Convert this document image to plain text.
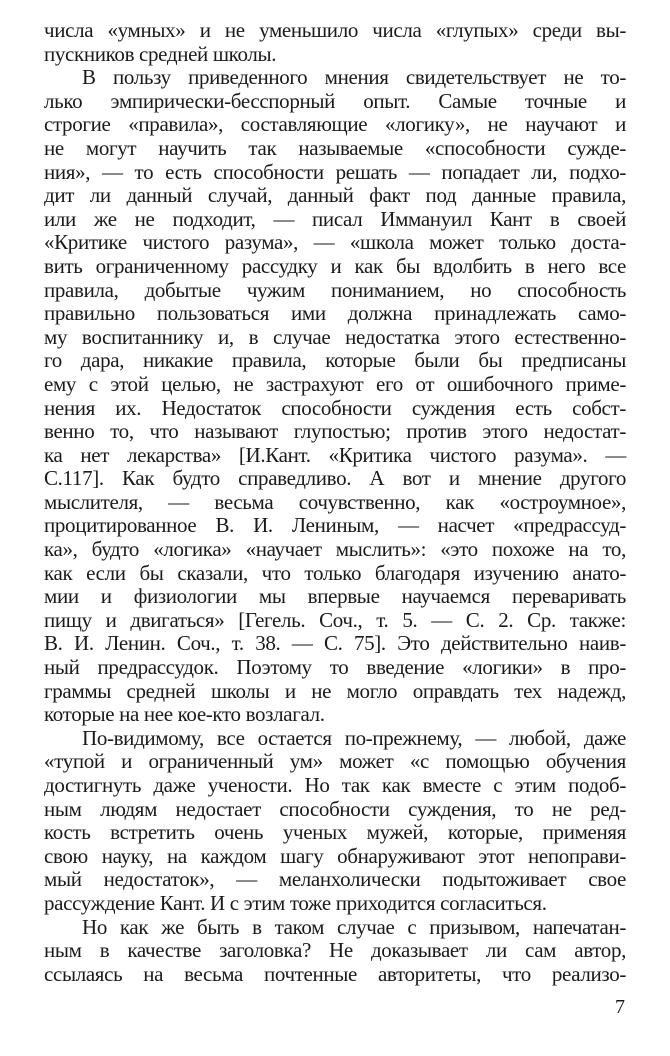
числа «умных» и не уменьшило числа «глупых» среди вы-
пускников средней школы.
В пользу приведенного мнения свидетельствует не то-
лько эмпирически-бесспорный опыт. Самые точные и
строгие «правила», составляющие «логику», не научают и
не могут научить так называемые «способности сужде-
ния», — то есть способности решать — попадает ли, подхо-
дит ли данный случай, данный факт под данные правила,
или же не подходит, — писал Иммануил Кант в своей
«Критике чистого разума», — «школа может только доста-
вить ограниченному рассудку и как бы вдолбить в него все
правила, добытые чужим пониманием, но способность
правильно пользоваться ими должна принадлежать само-
му воспитаннику и, в случае недостатка этого естественно-
го дара, никакие правила, которые были бы предписаны
ему с этой целью, не застрахуют его от ошибочного приме-
нения их. Недостаток способности суждения есть собст-
венно то, что называют глупостью; против этого недостат-
ка нет лекарства» [И.Кант. «Критика чистого разума». —
С.117]. Как будто справедливо. А вот и мнение другого
мыслителя, — весьма сочувственно, как «остроумное»,
процитированное В. И. Лениным, — насчет «предрассуд-
ка», будто «логика» «научает мыслить»: «это похоже на то,
как если бы сказали, что только благодаря изучению анато-
мии и физиологии мы впервые научаемся переваривать
пищу и двигаться» [Гегель. Соч., т. 5. — С. 2. Ср. также:
В. И. Ленин. Соч., т. 38. — С. 75]. Это действительно наив-
ный предрассудок. Поэтому то введение «логики» в про-
граммы средней школы и не могло оправдать тех надежд,
которые на нее кое-кто возлагал.
По-видимому, все остается по-прежнему, — любой, даже
«тупой и ограниченный ум» может «с помощью обучения
достигнуть даже учености. Но так как вместе с этим подоб-
ным людям недостает способности суждения, то не ред-
кость встретить очень ученых мужей, которые, применяя
свою науку, на каждом шагу обнаруживают этот непоправи-
мый недостаток», — меланхолически подытоживает свое
рассуждение Кант. И с этим тоже приходится согласиться.
Но как же быть в таком случае с призывом, напечатан-
ным в качестве заголовка? Не доказывает ли сам автор,
ссылаясь на весьма почтенные авторитеты, что реализо-
7
